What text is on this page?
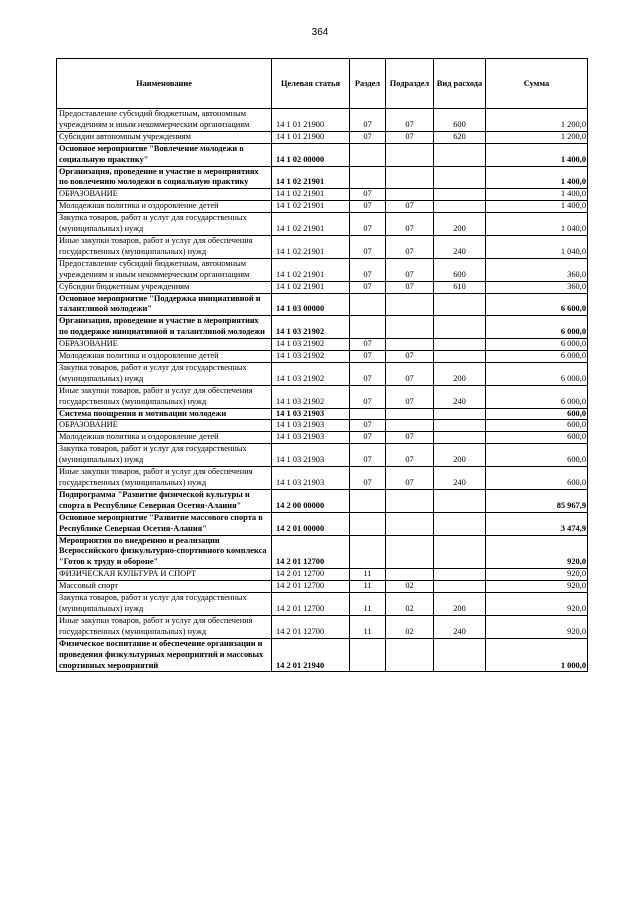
364
Наименование	Целевая статья	Раздел	Подраздел	Вид расхода	Сумма
Предоставление субсидий бюджетным, автономным учреждениям и иным некоммерческим организациям	14 1 01 21900	07	07	600	1 200,0
Субсидии автономным учреждениям	14 1 01 21900	07	07	620	1 200,0
Основное мероприятие "Вовлечение молодежи в социальную практику"	14 1 02 00000				1 400,0
Организация, проведение и участие в мероприятиях по вовлечению молодежи в социальную практику	14 1 02 21901				1 400,0
ОБРАЗОВАНИЕ	14 1 02 21901	07			1 400,0
Молодежная политика и оздоровление детей	14 1 02 21901	07	07		1 400,0
Закупка товаров, работ и услуг для государственных (муниципальных) нужд	14 1 02 21901	07	07	200	1 040,0
Иные закупки товаров, работ и услуг для обеспечения государственных (муниципальных) нужд	14 1 02 21901	07	07	240	1 040,0
Предоставление субсидий бюджетным, автономным учреждениям и иным некоммерческим организациям	14 1 02 21901	07	07	600	360,0
Субсидии бюджетным учреждениям	14 1 02 21901	07	07	610	360,0
Основное мероприятие "Поддержка инициативной и талантливой молодежи"	14 1 03 00000				6 600,0
Организация, проведение и участие в мероприятиях по поддержке инициативной и талантливой молодежи	14 1 03 21902				6 000,0
ОБРАЗОВАНИЕ	14 1 03 21902	07			6 000,0
Молодежная политика и оздоровление детей	14 1 03 21902	07	07		6 000,0
Закупка товаров, работ и услуг для государственных (муниципальных) нужд	14 1 03 21902	07	07	200	6 000,0
Иные закупки товаров, работ и услуг для обеспечения государственных (муниципальных) нужд	14 1 03 21902	07	07	240	6 000,0
Система поощрения и мотивации молодежи	14 1 03 21903				600,0
ОБРАЗОВАНИЕ	14 1 03 21903	07			600,0
Молодежная политика и оздоровление детей	14 1 03 21903	07	07		600,0
Закупка товаров, работ и услуг для государственных (муниципальных) нужд	14 1 03 21903	07	07	200	600,0
Иные закупки товаров, работ и услуг для обеспечения государственных (муниципальных) нужд	14 1 03 21903	07	07	240	600,0
Подпрограмма "Развитие физической культуры и спорта в Республике Северная Осетия-Алания"	14 2 00 00000				85 967,9
Основное мероприятие "Развитие массового спорта в Республике Северная Осетия-Алания"	14 2 01 00000				3 474,9
Мероприятия по внедрению и реализации Всероссийского физкультурно-спортивного комплекса "Готов к труду и обороне"	14 2 01 12700				920,0
ФИЗИЧЕСКАЯ КУЛЬТУРА И СПОРТ	14 2 01 12700	11			920,0
Массовый спорт	14 2 01 12700	11	02		920,0
Закупка товаров, работ и услуг для государственных (муниципальных) нужд	14 2 01 12700	11	02	200	920,0
Иные закупки товаров, работ и услуг для обеспечения государственных (муниципальных) нужд	14 2 01 12700	11	02	240	920,0
Физическое воспитание и обеспечение организации и проведения физкультурных мероприятий и массовых спортивных мероприятий	14 2 01 21940				1 000,0
